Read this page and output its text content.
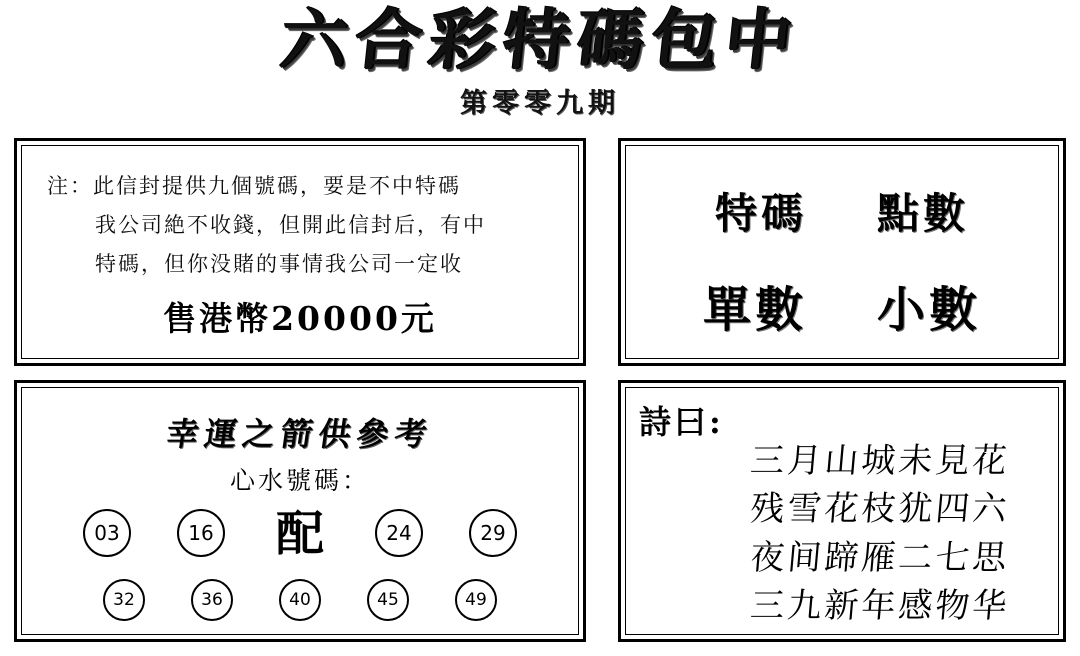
六合彩特碼包中
第零零九期
注：此信封提供九個號碼，要是不中特碼
我公司絶不收錢，但開此信封后，有中
特碼，但你没賭的事情我公司一定收
售港幣20000元
特碼 點數
單數 小數
幸運之箭供參考
心水號碼：
配
03	16	24	29
32	36	40	45	49
詩曰:
三月山城未見花
残雪花枝犹四六
夜间蹄雁二七思
三九新年感物华
